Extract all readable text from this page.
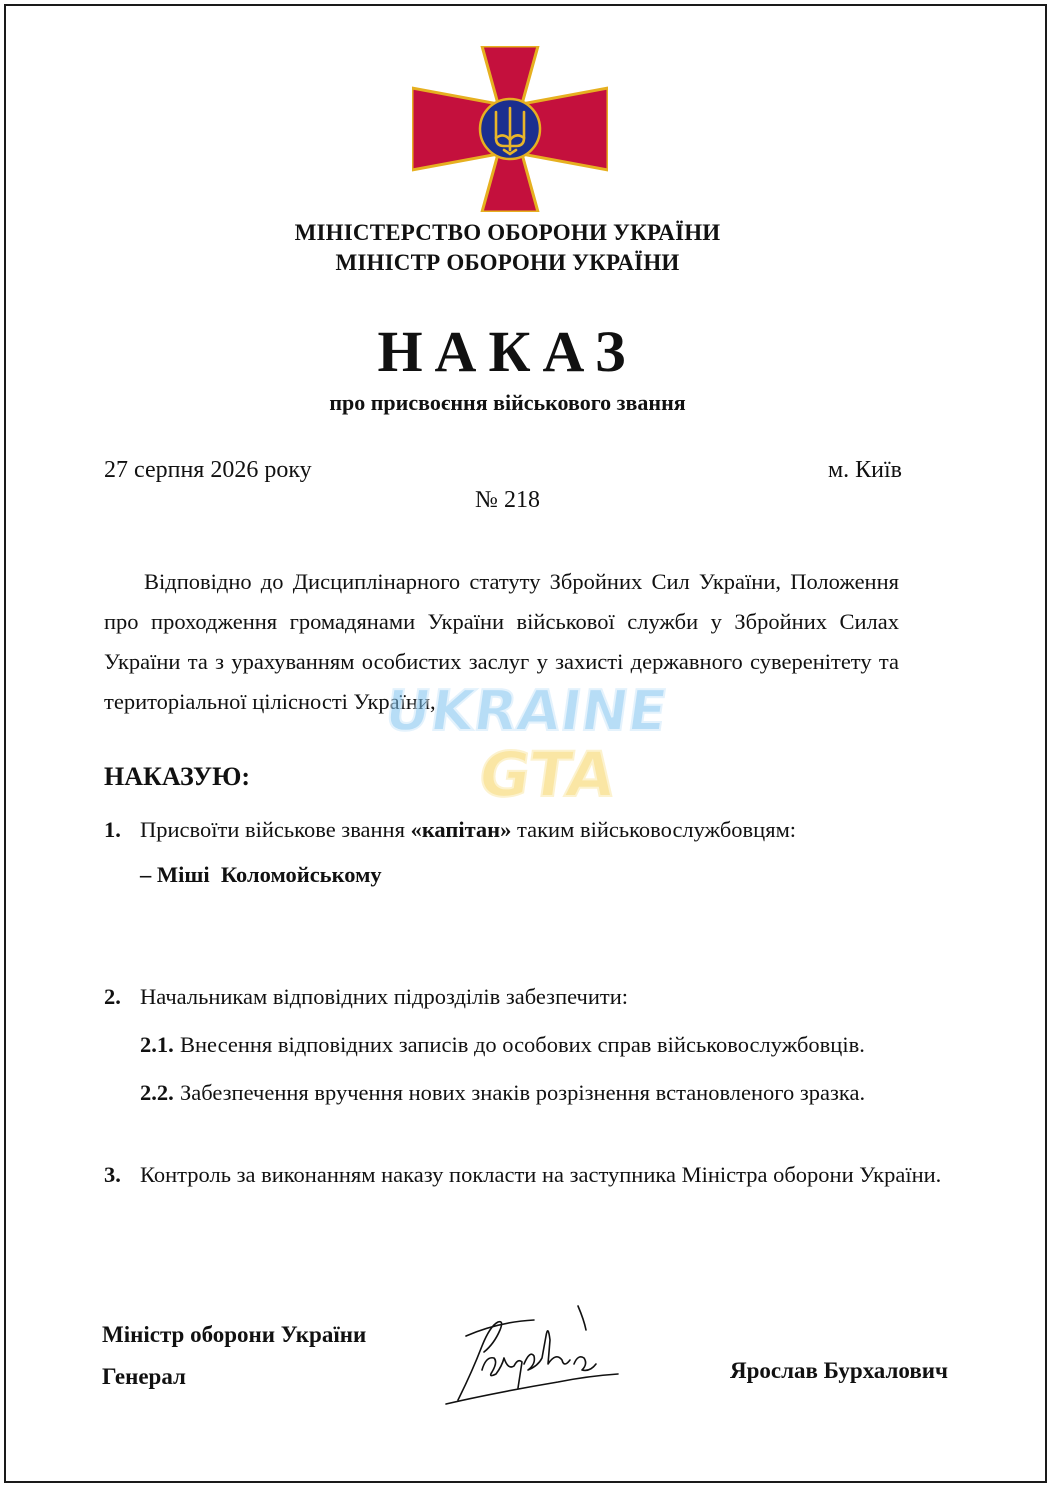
МІНІСТЕРСТВО ОБОРОНИ УКРАЇНИ
МІНІСТР ОБОРОНИ УКРАЇНИ
НАКАЗ
про присвоєння військового звання
27 серпня 2026 року	м. Київ
№ 218
Відповідно до Дисциплінарного статуту Збройних Сил України, Положення про проходження громадянами України військової служби у Збройних Силах України та з урахуванням особистих заслуг у захисті державного суверенітету та територіальної цілісності України,
UKRAINE
GTA
НАКАЗУЮ:
1. Присвоїти військове звання «капітан» таким військовослужбовцям:
– Міші  Коломойському
2. Начальникам відповідних підрозділів забезпечити:
2.1. Внесення відповідних записів до особових справ військовослужбовців.
2.2. Забезпечення вручення нових знаків розрізнення встановленого зразка.
3. Контроль за виконанням наказу покласти на заступника Міністра оборони України.
Міністр оборони України
Генерал	Ярослав Бурхалович
